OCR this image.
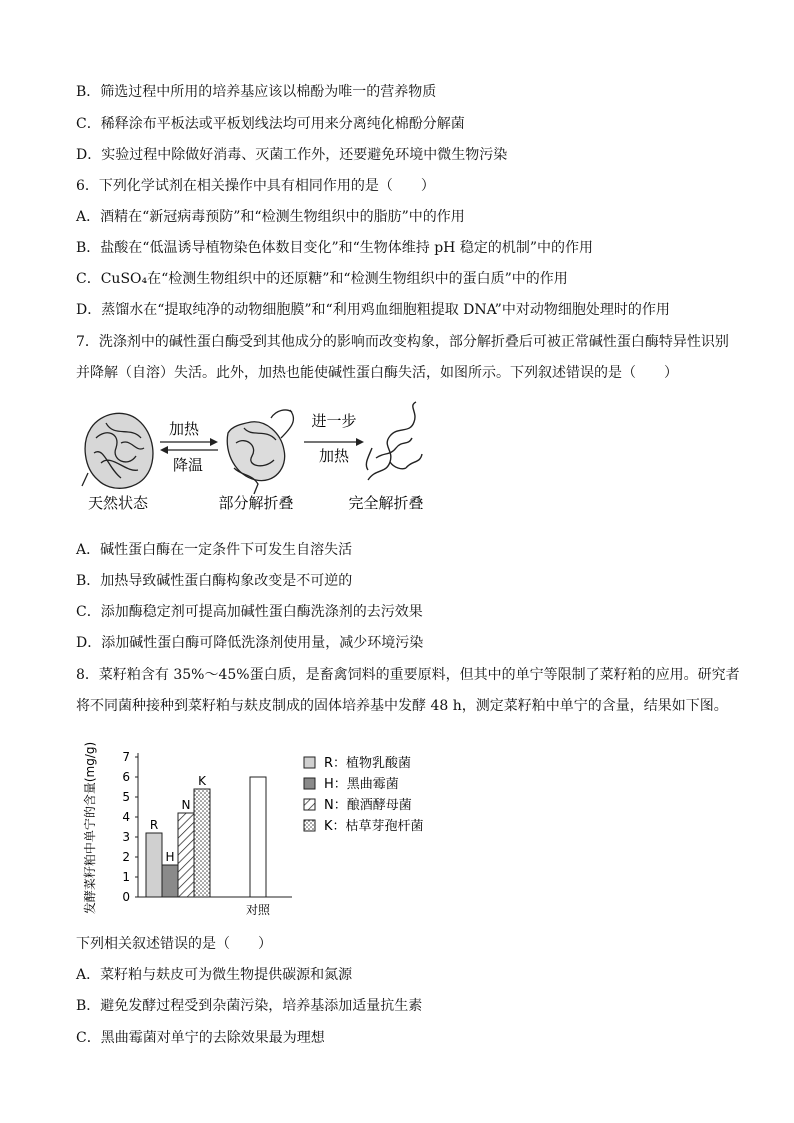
B．筛选过程中所用的培养基应该以棉酚为唯一的营养物质
C．稀释涂布平板法或平板划线法均可用来分离纯化棉酚分解菌
D．实验过程中除做好消毒、灭菌工作外，还要避免环境中微生物污染
6．下列化学试剂在相关操作中具有相同作用的是（　　）
A．酒精在“新冠病毒预防”和“检测生物组织中的脂肪”中的作用
B．盐酸在“低温诱导植物染色体数目变化”和“生物体维持 pH 稳定的机制”中的作用
C．CuSO₄在“检测生物组织中的还原糖”和“检测生物组织中的蛋白质”中的作用
D．蒸馏水在“提取纯净的动物细胞膜”和“利用鸡血细胞粗提取 DNA”中对动物细胞处理时的作用
7．洗涤剂中的碱性蛋白酶受到其他成分的影响而改变构象，部分解折叠后可被正常碱性蛋白酶特异性识别
并降解（自溶）失活。此外，加热也能使碱性蛋白酶失活，如图所示。下列叙述错误的是（　　）
加热
降温
进一步
加热
天然状态	部分解折叠	完全解折叠
A．碱性蛋白酶在一定条件下可发生自溶失活
B．加热导致碱性蛋白酶构象改变是不可逆的
C．添加酶稳定剂可提高加碱性蛋白酶洗涤剂的去污效果
D．添加碱性蛋白酶可降低洗涤剂使用量，减少环境污染
8．菜籽粕含有 35%～45%蛋白质，是畜禽饲料的重要原料，但其中的单宁等限制了菜籽粕的应用。研究者
将不同菌种接种到菜籽粕与麸皮制成的固体培养基中发酵 48 h，测定菜籽粕中单宁的含量，结果如下图。
发酵菜籽粕中单宁的含量(mg/g) 0
1
2
3
4
5
6
7
R
H
N
K
对照
R：植物乳酸菌
H：黑曲霉菌
N：酿酒酵母菌
K：枯草芽孢杆菌
下列相关叙述错误的是（　　）
A．菜籽粕与麸皮可为微生物提供碳源和氮源
B．避免发酵过程受到杂菌污染，培养基添加适量抗生素
C．黑曲霉菌对单宁的去除效果最为理想
